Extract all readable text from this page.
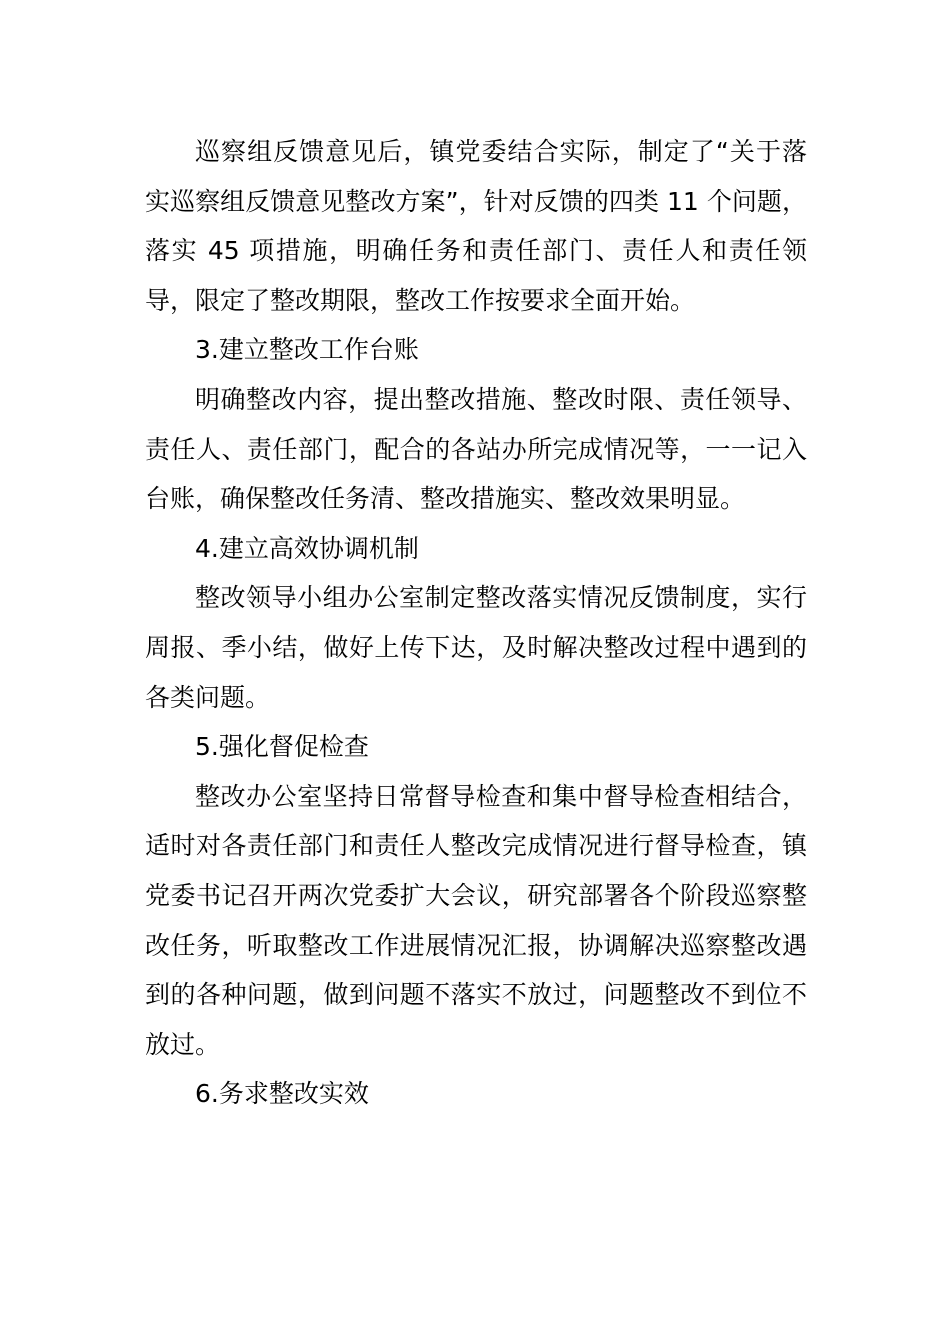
巡察组反馈意见后，镇党委结合实际，制定了“关于落实巡察组反馈意见整改方案”，针对反馈的四类 11 个问题，落实 45 项措施，明确任务和责任部门、责任人和责任领导，限定了整改期限，整改工作按要求全面开始。

3.建立整改工作台账

明确整改内容，提出整改措施、整改时限、责任领导、责任人、责任部门，配合的各站办所完成情况等，一一记入台账，确保整改任务清、整改措施实、整改效果明显。

4.建立高效协调机制

整改领导小组办公室制定整改落实情况反馈制度，实行周报、季小结，做好上传下达，及时解决整改过程中遇到的各类问题。

5.强化督促检查

整改办公室坚持日常督导检查和集中督导检查相结合，适时对各责任部门和责任人整改完成情况进行督导检查，镇党委书记召开两次党委扩大会议，研究部署各个阶段巡察整改任务，听取整改工作进展情况汇报，协调解决巡察整改遇到的各种问题，做到问题不落实不放过，问题整改不到位不放过。

6.务求整改实效
